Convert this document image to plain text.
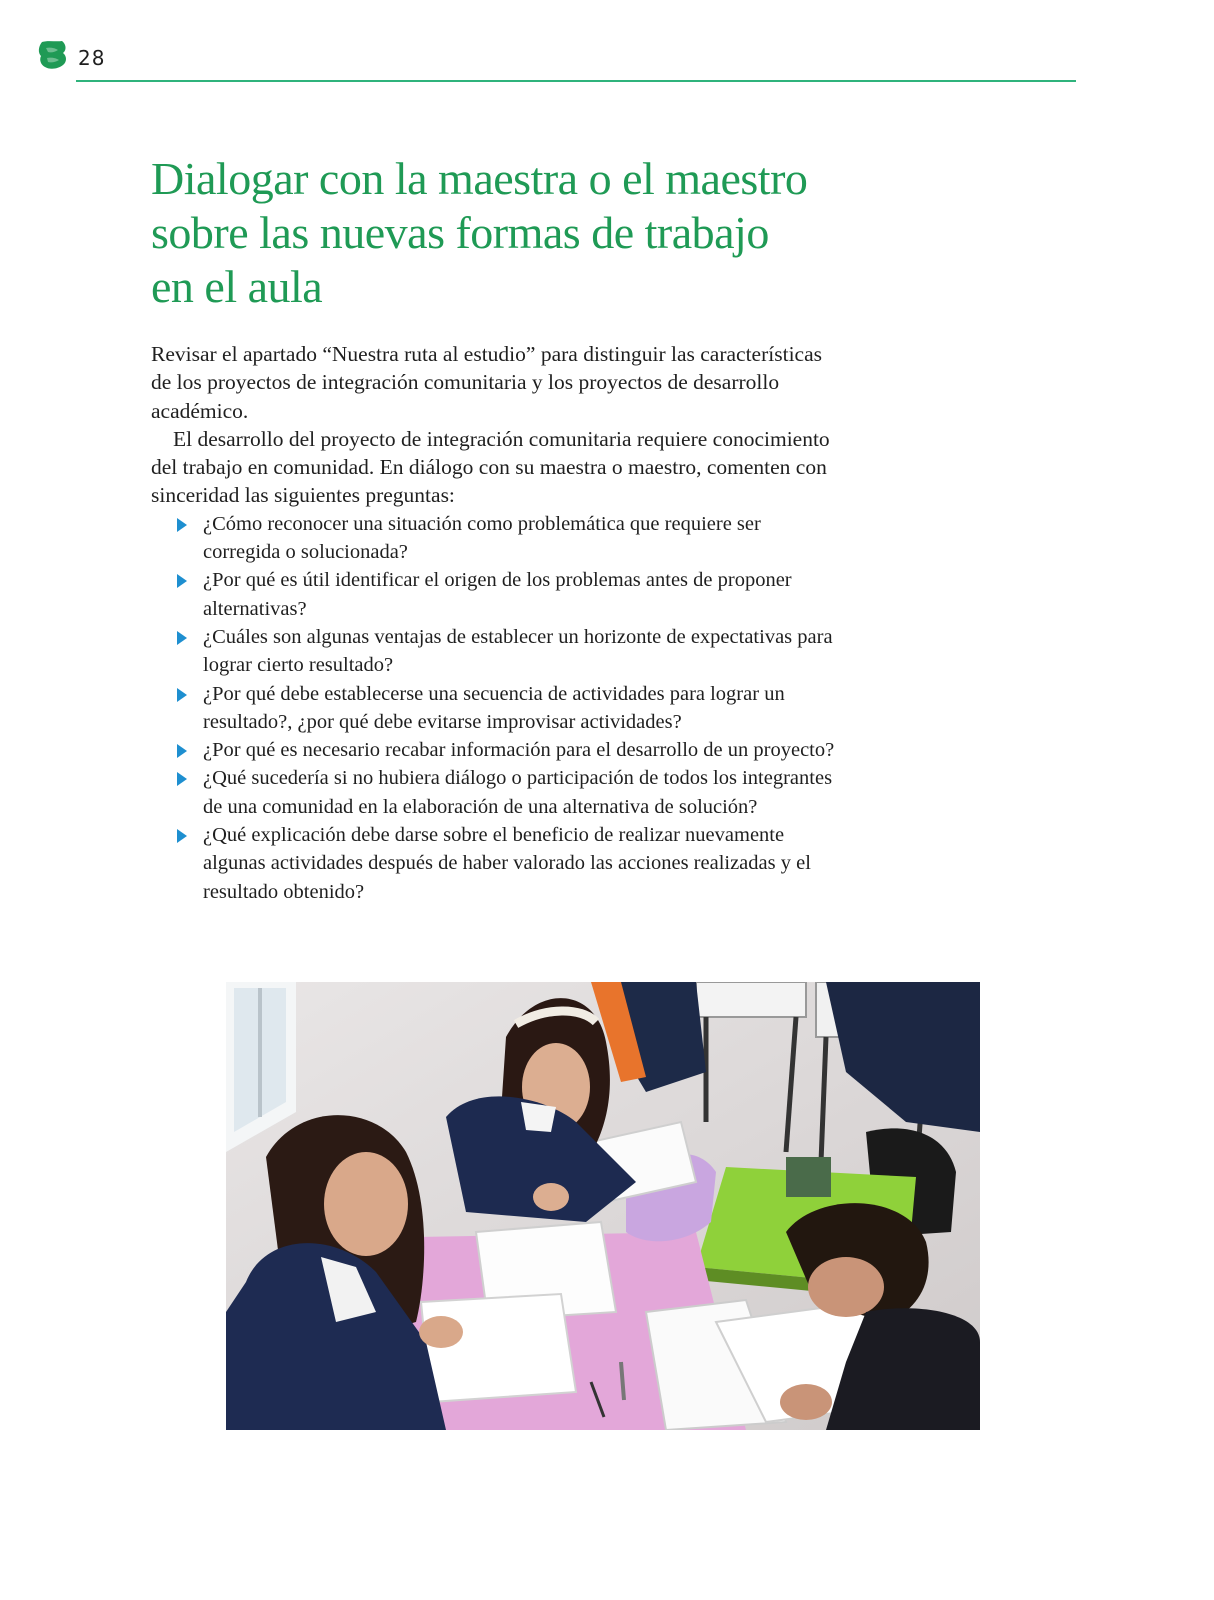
28
Dialogar con la maestra o el maestro
sobre las nuevas formas de trabajo
en el aula

Revisar el apartado “Nuestra ruta al estudio” para distinguir las características de los proyectos de integración comunitaria y los proyectos de desarrollo académico.

El desarrollo del proyecto de integración comunitaria requiere conocimiento del trabajo en comunidad. En diálogo con su maestra o maestro, comenten con sinceridad las siguientes preguntas:

¿Cómo reconocer una situación como problemática que requiere ser corregida o solucionada?
¿Por qué es útil identificar el origen de los problemas antes de proponer alternativas?
¿Cuáles son algunas ventajas de establecer un horizonte de expectativas para lograr cierto resultado?
¿Por qué debe establecerse una secuencia de actividades para lograr un resultado?, ¿por qué debe evitarse improvisar actividades?
¿Por qué es necesario recabar información para el desarrollo de un proyecto?
¿Qué sucedería si no hubiera diálogo o participación de todos los integrantes de una comunidad en la elaboración de una alternativa de solución?
¿Qué explicación debe darse sobre el beneficio de realizar nuevamente algunas actividades después de haber valorado las acciones realizadas y el resultado obtenido?
